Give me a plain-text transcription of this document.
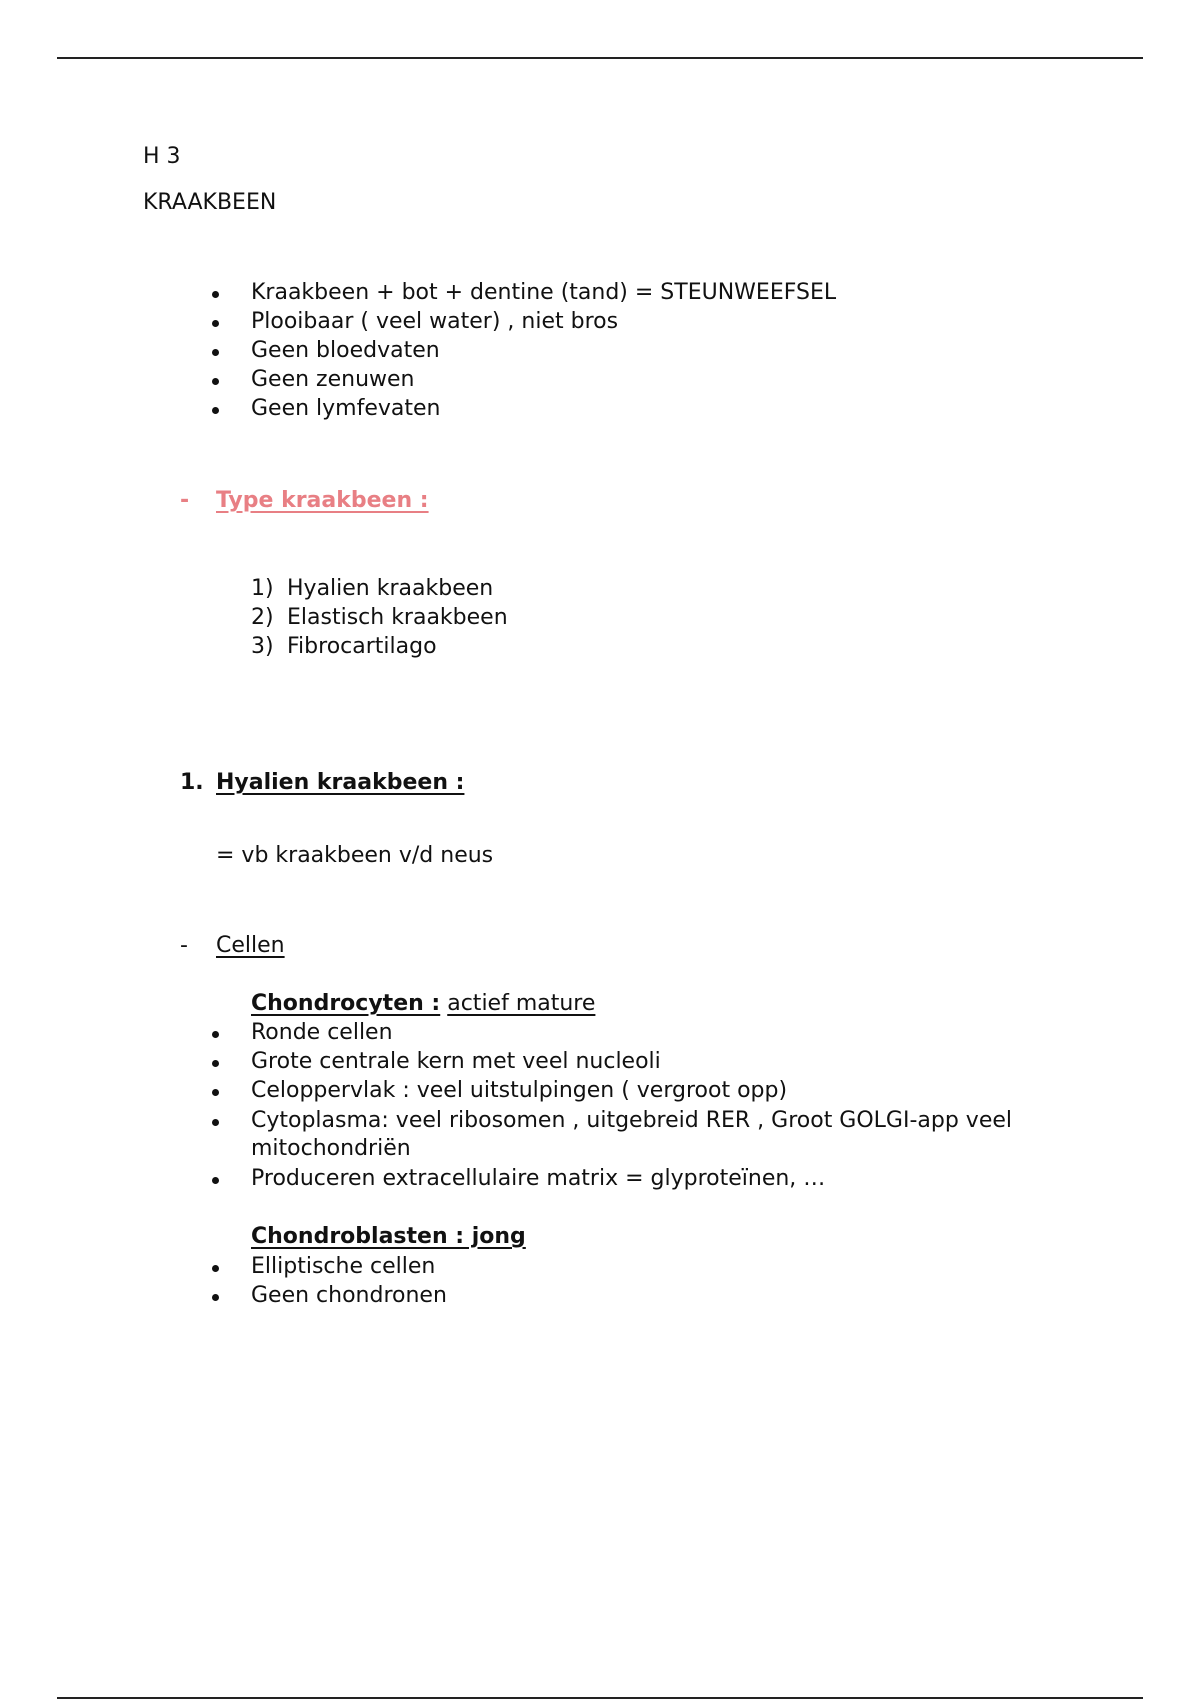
H 3
KRAAKBEEN
Kraakbeen + bot + dentine (tand) = STEUNWEEFSEL
Plooibaar ( veel water) , niet bros
Geen bloedvaten
Geen zenuwen
Geen lymfevaten
- Type kraakbeen :
1) Hyalien kraakbeen
2) Elastisch kraakbeen
3) Fibrocartilago
1. Hyalien kraakbeen :
= vb kraakbeen v/d neus
- Cellen
Chondrocyten : actief mature
Ronde cellen
Grote centrale kern met veel nucleoli
Celoppervlak : veel uitstulpingen ( vergroot opp)
Cytoplasma: veel ribosomen , uitgebreid RER , Groot GOLGI-app veel mitochondriën
Produceren extracellulaire matrix = glyproteïnen, …
Chondroblasten : jong
Elliptische cellen
Geen chondronen
